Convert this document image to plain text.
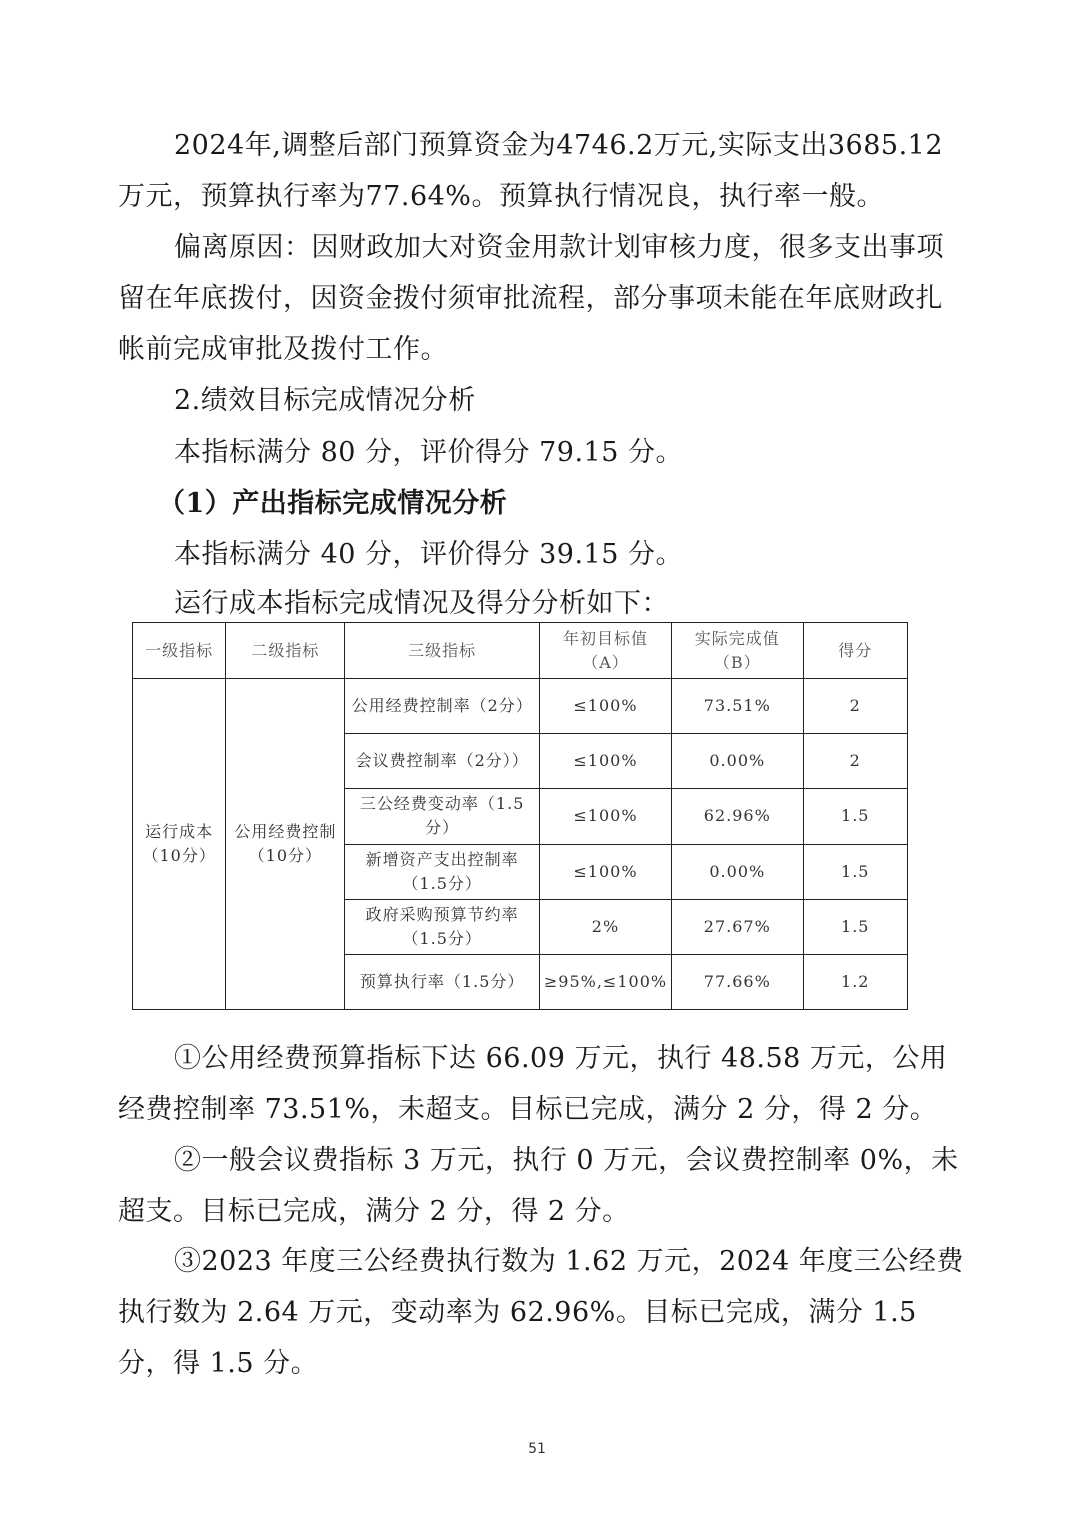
2024年,调整后部门预算资金为4746.2万元,实际支出3685.12万元，预算执行率为77.64%。预算执行情况良，执行率一般。

偏离原因：因财政加大对资金用款计划审核力度，很多支出事项留在年底拨付，因资金拨付须审批流程，部分事项未能在年底财政扎帐前完成审批及拨付工作。

2.绩效目标完成情况分析

本指标满分 80 分，评价得分 79.15 分。

（1）产出指标完成情况分析

本指标满分 40 分，评价得分 39.15 分。

运行成本指标完成情况及得分分析如下：

一级指标	二级指标	三级指标	年初目标值（A）	实际完成值（B）	得分
运行成本（10分）	公用经费控制（10分）	公用经费控制率（2分）	≤100%	73.51%	2
		会议费控制率（2分））	≤100%	0.00%	2
		三公经费变动率（1.5分）	≤100%	62.96%	1.5
		新增资产支出控制率（1.5分）	≤100%	0.00%	1.5
		政府采购预算节约率（1.5分）	2%	27.67%	1.5
		预算执行率（1.5分）	≥95%,≤100%	77.66%	1.2

①公用经费预算指标下达 66.09 万元，执行 48.58 万元，公用经费控制率 73.51%，未超支。目标已完成，满分 2 分，得 2 分。

②一般会议费指标 3 万元，执行 0 万元，会议费控制率 0%，未超支。目标已完成，满分 2 分，得 2 分。

③2023 年度三公经费执行数为 1.62 万元，2024 年度三公经费执行数为 2.64 万元，变动率为 62.96%。目标已完成，满分 1.5 分，得 1.5 分。

51
